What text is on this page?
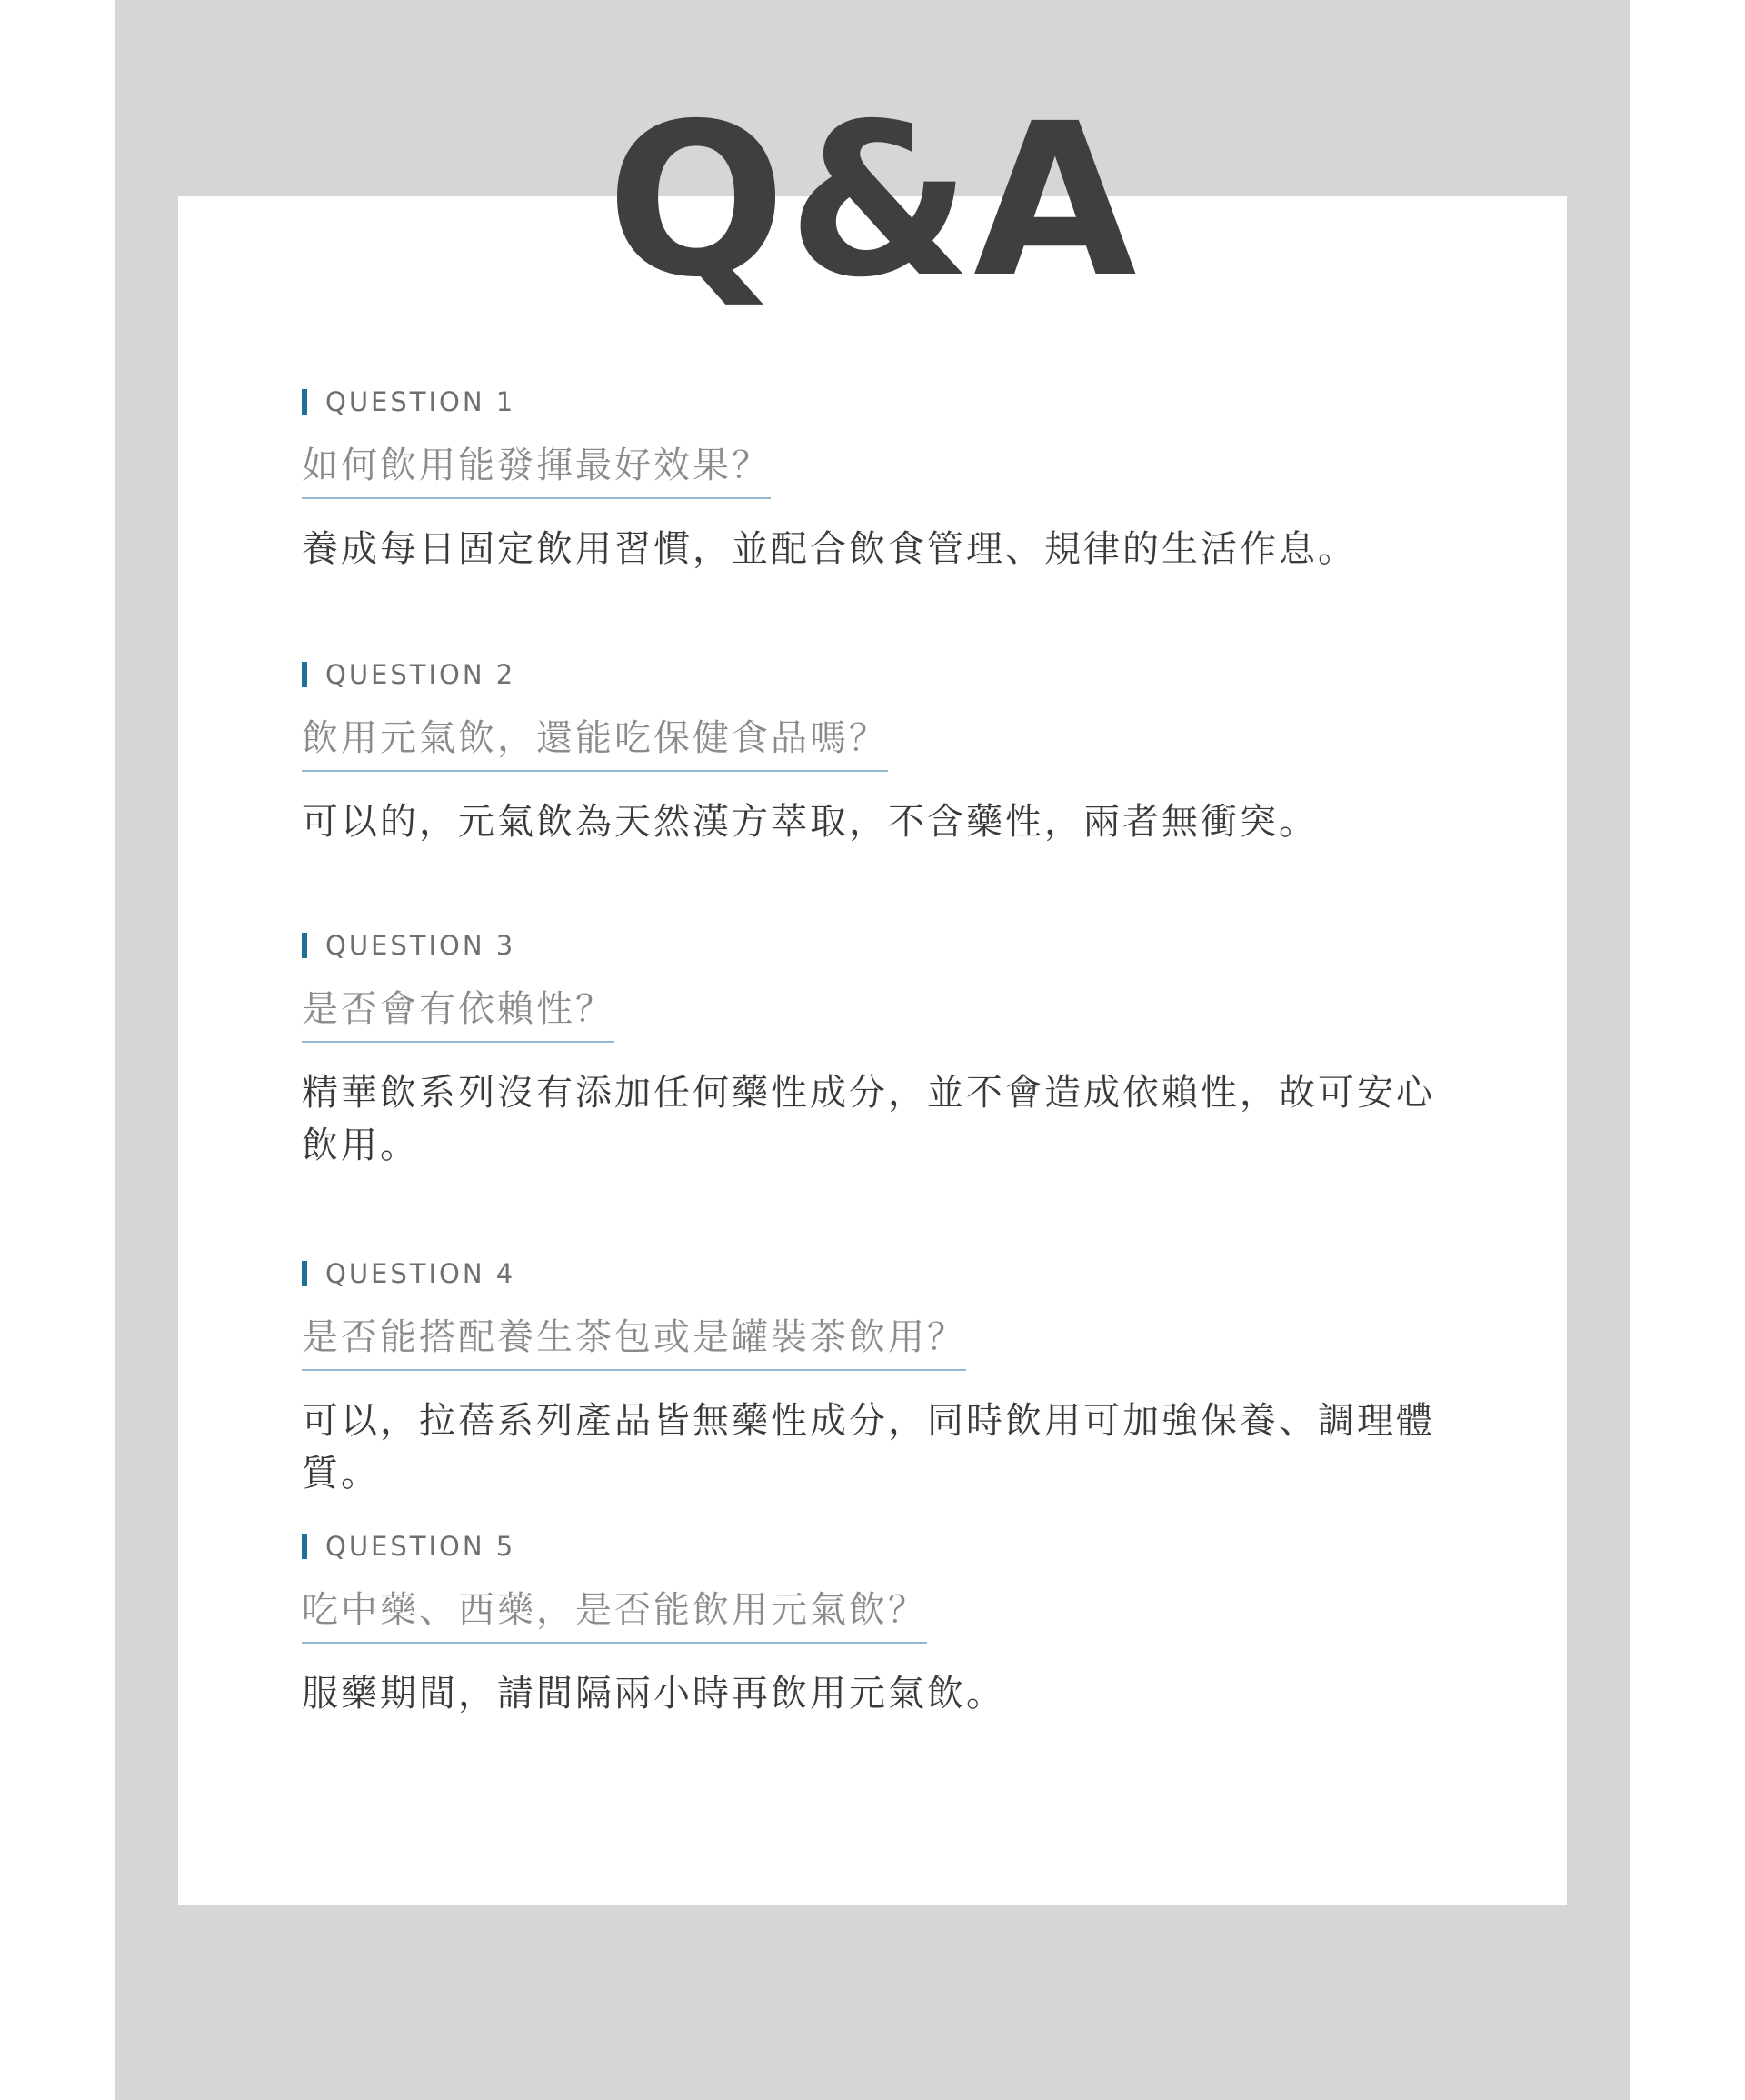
Q&A
QUESTION 1
如何飲用能發揮最好效果？
養成每日固定飲用習慣，並配合飲食管理、規律的生活作息。
QUESTION 2
飲用元氣飲，還能吃保健食品嗎？
可以的，元氣飲為天然漢方萃取，不含藥性，兩者無衝突。
QUESTION 3
是否會有依賴性？
精華飲系列沒有添加任何藥性成分，並不會造成依賴性，故可安心
飲用。
QUESTION 4
是否能搭配養生茶包或是罐裝茶飲用？
可以，拉蓓系列產品皆無藥性成分，同時飲用可加強保養、調理體質。
QUESTION 5
吃中藥、西藥，是否能飲用元氣飲？
服藥期間，請間隔兩小時再飲用元氣飲。
